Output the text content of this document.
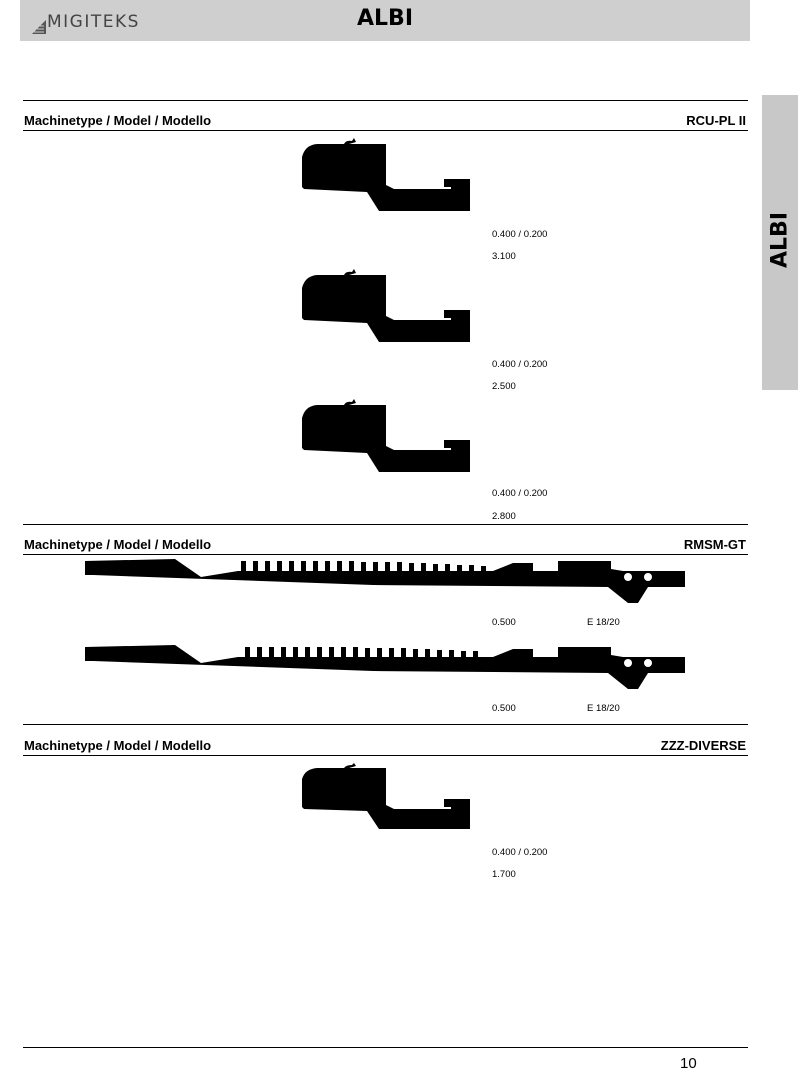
MIGITEKS	ALBI
ALBI
Machinetype / Model / Modello	RCU-PL II
0.400 / 0.200
3.100
0.400 / 0.200
2.500
0.400 / 0.200
2.800
Machinetype / Model / Modello	RMSM-GT
0.500	E 18/20
0.500	E 18/20
Machinetype / Model / Modello	ZZZ-DIVERSE
0.400 / 0.200
1.700
10
